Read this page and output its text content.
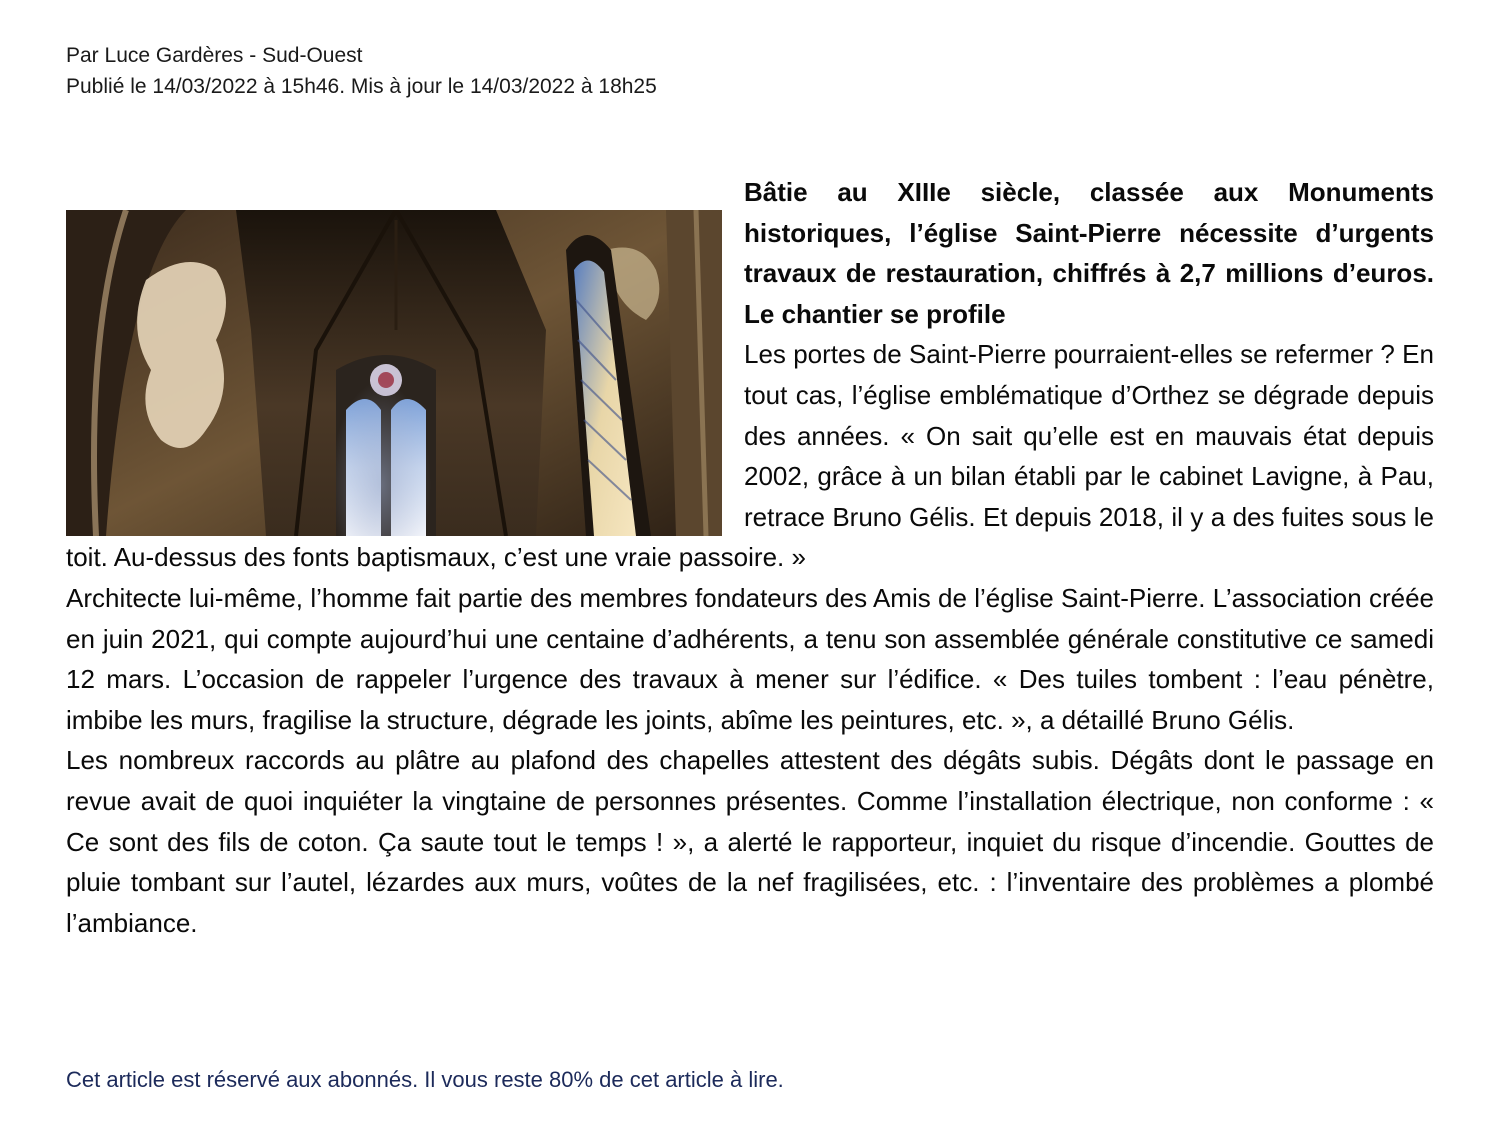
Par Luce Gardères - Sud-Ouest
Publié le 14/03/2022 à 15h46. Mis à jour le 14/03/2022 à 18h25

Bâtie au XIIIe siècle, classée aux Monuments historiques, l’église Saint-Pierre nécessite d’urgents travaux de restauration, chiffrés à 2,7 millions d’euros. Le chantier se profile

Les portes de Saint-Pierre pourraient-elles se refermer ? En tout cas, l’église emblématique d’Orthez se dégrade depuis des années. « On sait qu’elle est en mauvais état depuis 2002, grâce à un bilan établi par le cabinet Lavigne, à Pau, retrace Bruno Gélis. Et depuis 2018, il y a des fuites sous le toit. Au-dessus des fonts baptismaux, c’est une vraie passoire. »

Architecte lui-même, l’homme fait partie des membres fondateurs des Amis de l’église Saint-Pierre. L’association créée en juin 2021, qui compte aujourd’hui une centaine d’adhérents, a tenu son assemblée générale constitutive ce samedi 12 mars. L’occasion de rappeler l’urgence des travaux à mener sur l’édifice. « Des tuiles tombent : l’eau pénètre, imbibe les murs, fragilise la structure, dégrade les joints, abîme les peintures, etc. », a détaillé Bruno Gélis.

Les nombreux raccords au plâtre au plafond des chapelles attestent des dégâts subis. Dégâts dont le passage en revue avait de quoi inquiéter la vingtaine de personnes présentes. Comme l’installation électrique, non conforme : « Ce sont des fils de coton. Ça saute tout le temps ! », a alerté le rapporteur, inquiet du risque d’incendie. Gouttes de pluie tombant sur l’autel, lézardes aux murs, voûtes de la nef fragilisées, etc. : l’inventaire des problèmes a plombé l’ambiance.

Cet article est réservé aux abonnés. Il vous reste 80% de cet article à lire.
